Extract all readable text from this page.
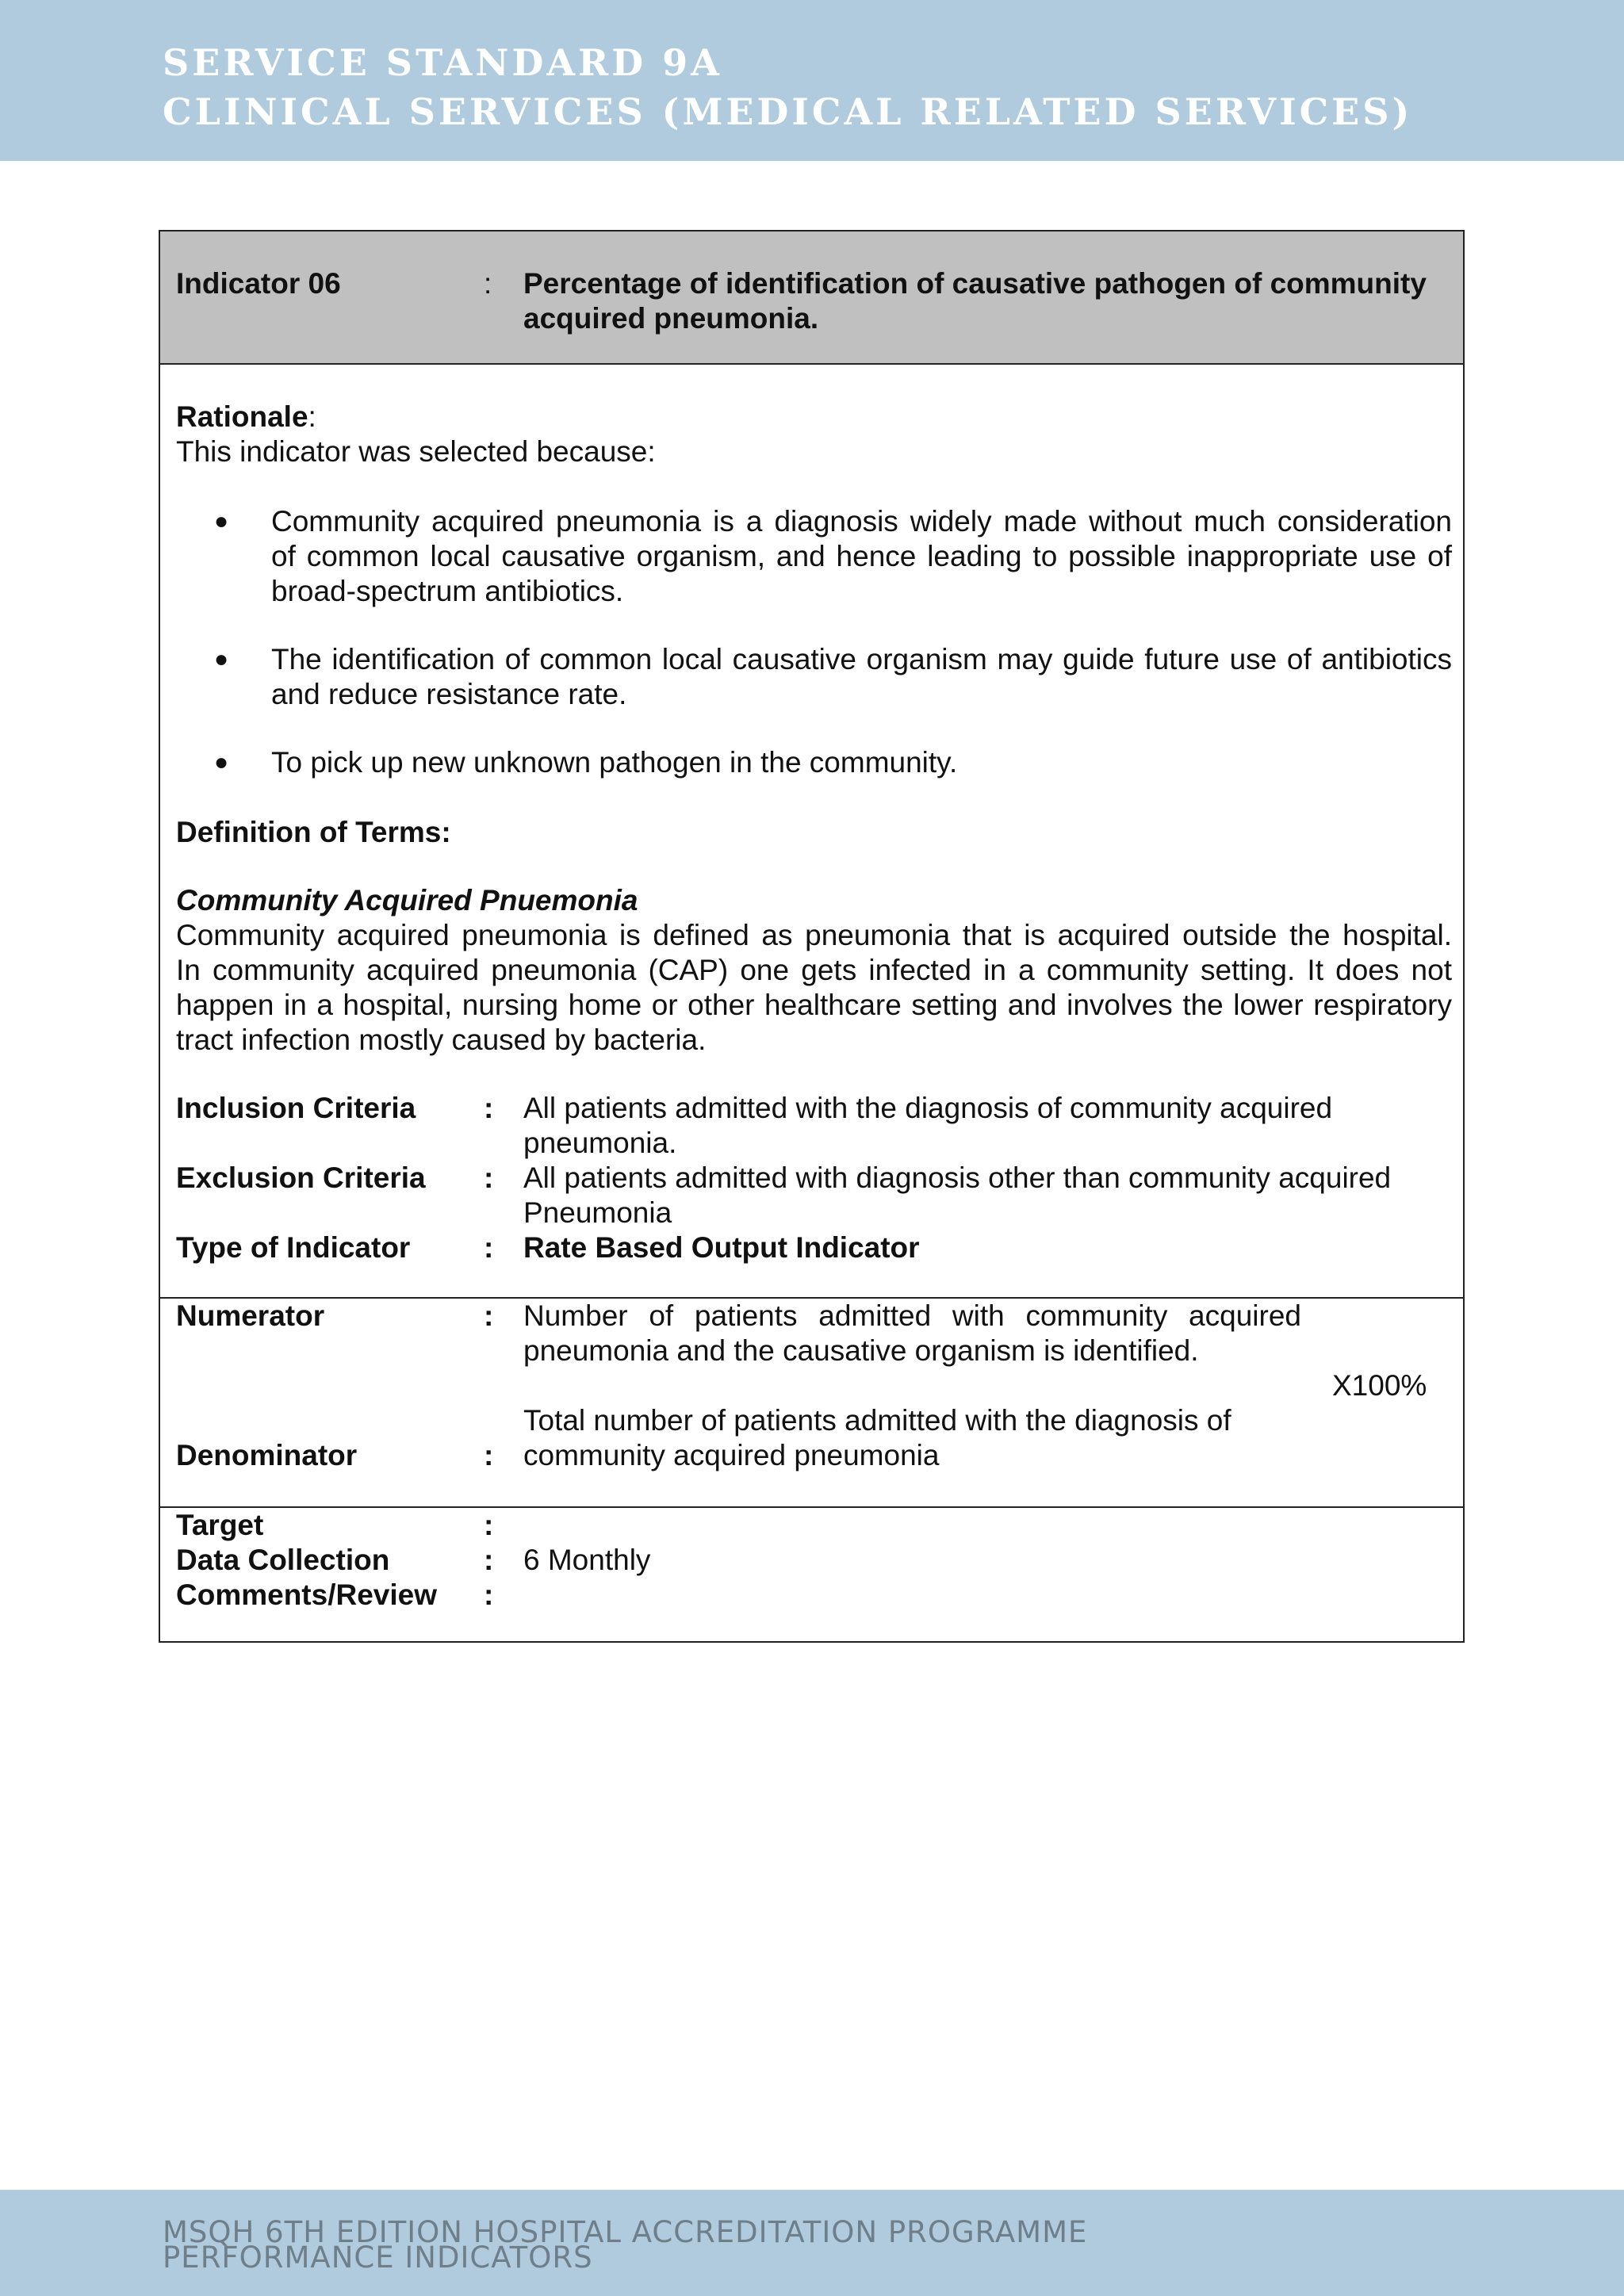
SERVICE STANDARD 9A
CLINICAL SERVICES (MEDICAL RELATED SERVICES)
Indicator 06	: Percentage of identification of causative pathogen of community
acquired pneumonia.
Rationale:
This indicator was selected because:
● Community acquired pneumonia is a diagnosis widely made without much consideration
of common local causative organism, and hence leading to possible inappropriate use of
broad-spectrum antibiotics.
● The identification of common local causative organism may guide future use of antibiotics
and reduce resistance rate.
● To pick up new unknown pathogen in the community.
Definition of Terms:
Community Acquired Pnuemonia
Community acquired pneumonia is defined as pneumonia that is acquired outside the hospital.
In community acquired pneumonia (CAP) one gets infected in a community setting. It does not
happen in a hospital, nursing home or other healthcare setting and involves the lower respiratory
tract infection mostly caused by bacteria.
Inclusion Criteria : All patients admitted with the diagnosis of community acquired
pneumonia.
Exclusion Criteria : All patients admitted with diagnosis other than community acquired
Pneumonia
Type of Indicator	: Rate Based Output Indicator
Numerator	: Number of patients admitted with community acquired
pneumonia and the causative organism is identified.
X100%
Total number of patients admitted with the diagnosis of
Denominator	: community acquired pneumonia
Target	:
Data Collection	: 6 Monthly
Comments/Review :
MSQH 6TH EDITION HOSPITAL ACCREDITATION PROGRAMME
PERFORMANCE INDICATORS
